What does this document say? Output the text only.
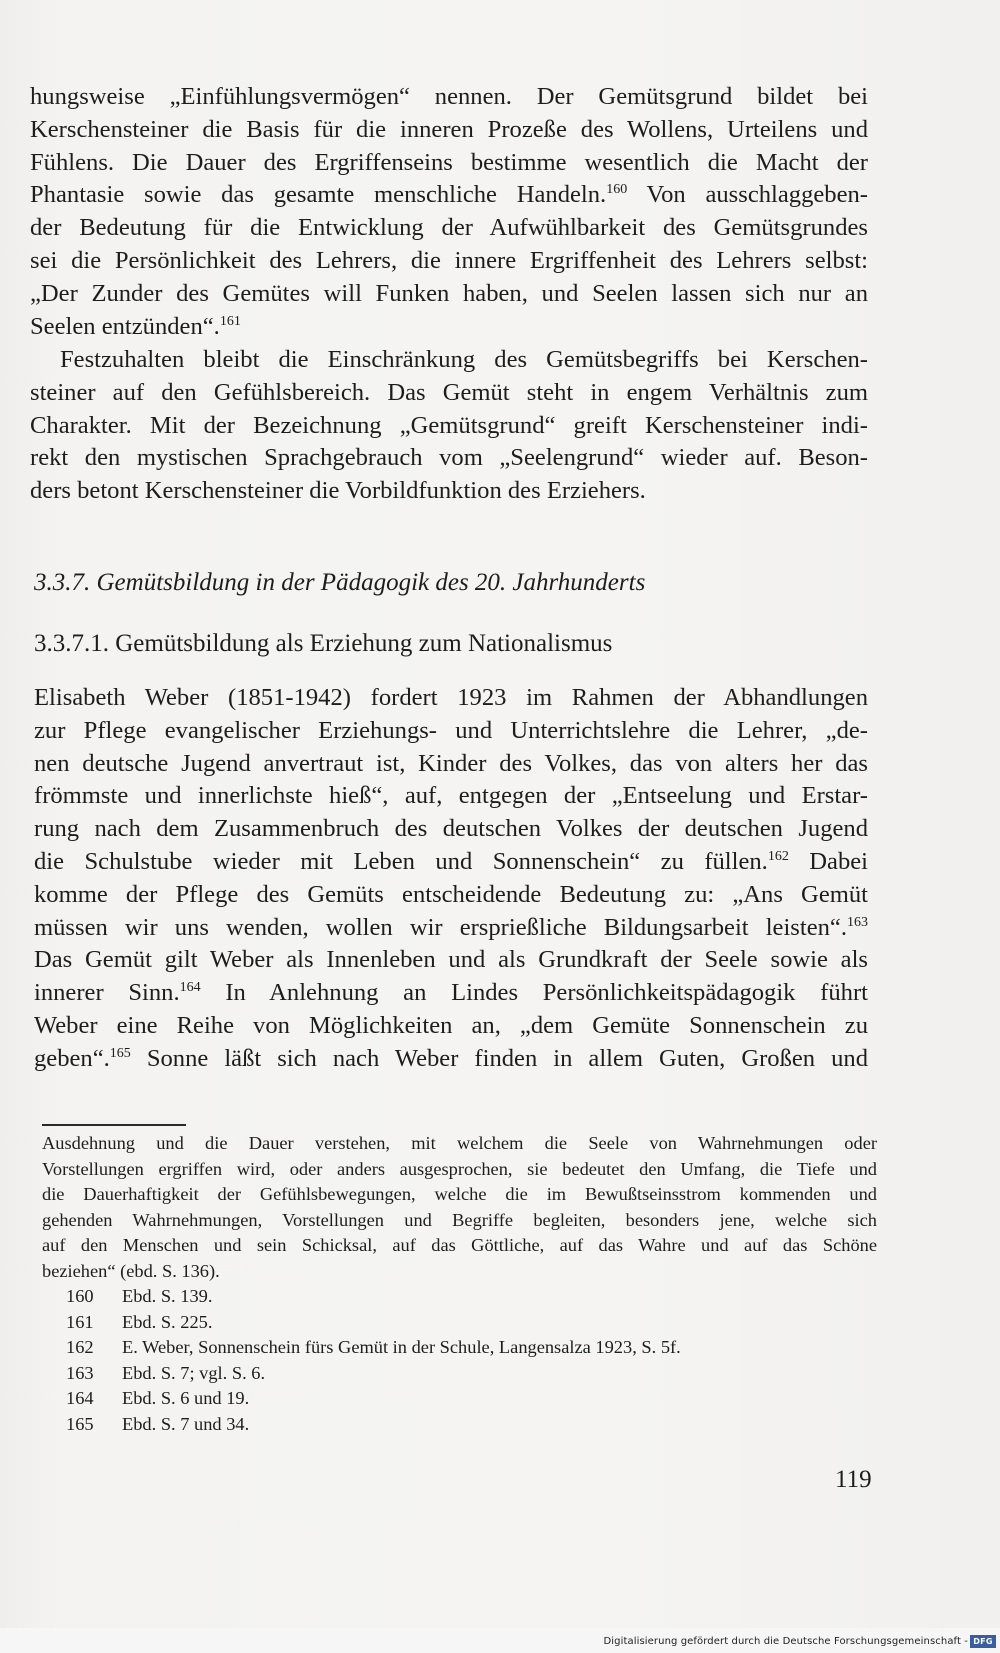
hungsweise „Einfühlungsvermögen“ nennen. Der Gemütsgrund bildet bei
Kerschensteiner die Basis für die inneren Prozeße des Wollens, Urteilens und
Fühlens. Die Dauer des Ergriffenseins bestimme wesentlich die Macht der
Phantasie sowie das gesamte menschliche Handeln.$^{160}$ Von ausschlaggeben-
der Bedeutung für die Entwicklung der Aufwühlbarkeit des Gemütsgrundes
sei die Persönlichkeit des Lehrers, die innere Ergriffenheit des Lehrers selbst:
„Der Zunder des Gemütes will Funken haben, und Seelen lassen sich nur an
Seelen entzünden“.$^{161}$
Festzuhalten bleibt die Einschränkung des Gemütsbegriffs bei Kerschen-
steiner auf den Gefühlsbereich. Das Gemüt steht in engem Verhältnis zum
Charakter. Mit der Bezeichnung „Gemütsgrund“ greift Kerschensteiner indi-
rekt den mystischen Sprachgebrauch vom „Seelengrund“ wieder auf. Beson-
ders betont Kerschensteiner die Vorbildfunktion des Erziehers.
3.3.7. Gemütsbildung in der Pädagogik des 20. Jahrhunderts
3.3.7.1. Gemütsbildung als Erziehung zum Nationalismus
Elisabeth Weber (1851-1942) fordert 1923 im Rahmen der Abhandlungen
zur Pflege evangelischer Erziehungs- und Unterrichtslehre die Lehrer, „de-
nen deutsche Jugend anvertraut ist, Kinder des Volkes, das von alters her das
frömmste und innerlichste hieß“, auf, entgegen der „Entseelung und Erstar-
rung nach dem Zusammenbruch des deutschen Volkes der deutschen Jugend
die Schulstube wieder mit Leben und Sonnenschein“ zu füllen.$^{162}$ Dabei
komme der Pflege des Gemüts entscheidende Bedeutung zu: „Ans Gemüt
müssen wir uns wenden, wollen wir ersprießliche Bildungsarbeit leisten“.$^{163}$
Das Gemüt gilt Weber als Innenleben und als Grundkraft der Seele sowie als
innerer Sinn.$^{164}$ In Anlehnung an Lindes Persönlichkeitspädagogik führt
Weber eine Reihe von Möglichkeiten an, „dem Gemüte Sonnenschein zu
geben“.$^{165}$ Sonne läßt sich nach Weber finden in allem Guten, Großen und
Ausdehnung und die Dauer verstehen, mit welchem die Seele von Wahrnehmungen oder
Vorstellungen ergriffen wird, oder anders ausgesprochen, sie bedeutet den Umfang, die Tiefe und
die Dauerhaftigkeit der Gefühlsbewegungen, welche die im Bewußtseinsstrom kommenden und
gehenden Wahrnehmungen, Vorstellungen und Begriffe begleiten, besonders jene, welche sich
auf den Menschen und sein Schicksal, auf das Göttliche, auf das Wahre und auf das Schöne
beziehen“ (ebd. S. 136).
160 Ebd. S. 139.
161 Ebd. S. 225.
162 E. Weber, Sonnenschein fürs Gemüt in der Schule, Langensalza 1923, S. 5f.
163 Ebd. S. 7; vgl. S. 6.
164 Ebd. S. 6 und 19.
165 Ebd. S. 7 und 34.
119
Digitalisierung gefördert durch die Deutsche Forschungsgemeinschaft - DFG
